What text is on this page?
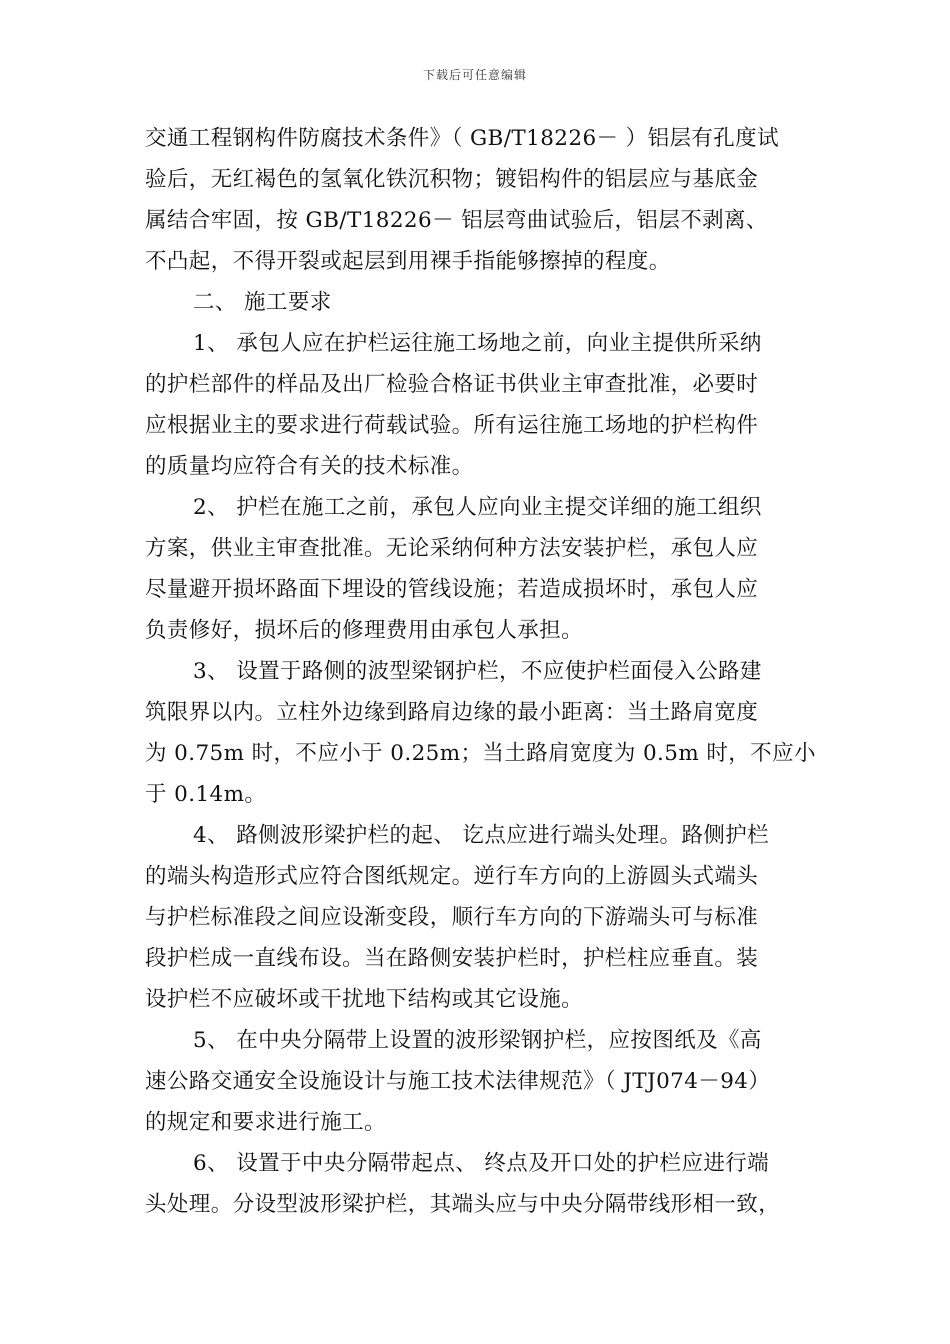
下载后可任意编辑
交通工程钢构件防腐技术条件》（ GB/T18226－ ）铝层有孔度试
验后，无红褐色的氢氧化铁沉积物；镀铝构件的铝层应与基底金
属结合牢固，按 GB/T18226－ 铝层弯曲试验后，铝层不剥离、
不凸起，不得开裂或起层到用裸手指能够擦掉的程度。
二、 施工要求
1、 承包人应在护栏运往施工场地之前，向业主提供所采纳
的护栏部件的样品及出厂检验合格证书供业主审查批准，必要时
应根据业主的要求进行荷载试验。所有运往施工场地的护栏构件
的质量均应符合有关的技术标准。
2、 护栏在施工之前，承包人应向业主提交详细的施工组织
方案，供业主审查批准。无论采纳何种方法安装护栏，承包人应
尽量避开损坏路面下埋设的管线设施；若造成损坏时，承包人应
负责修好，损坏后的修理费用由承包人承担。
3、 设置于路侧的波型梁钢护栏，不应使护栏面侵入公路建
筑限界以内。立柱外边缘到路肩边缘的最小距离：当土路肩宽度
为 0.75m 时，不应小于 0.25m；当土路肩宽度为 0.5m 时，不应小
于 0.14m。
4、 路侧波形梁护栏的起、 讫点应进行端头处理。路侧护栏
的端头构造形式应符合图纸规定。逆行车方向的上游圆头式端头
与护栏标准段之间应设渐变段，顺行车方向的下游端头可与标准
段护栏成一直线布设。当在路侧安装护栏时，护栏柱应垂直。装
设护栏不应破坏或干扰地下结构或其它设施。
5、 在中央分隔带上设置的波形梁钢护栏，应按图纸及《高
速公路交通安全设施设计与施工技术法律规范》（ JTJ074－94）
的规定和要求进行施工。
6、 设置于中央分隔带起点、 终点及开口处的护栏应进行端
头处理。分设型波形梁护栏，其端头应与中央分隔带线形相一致，
